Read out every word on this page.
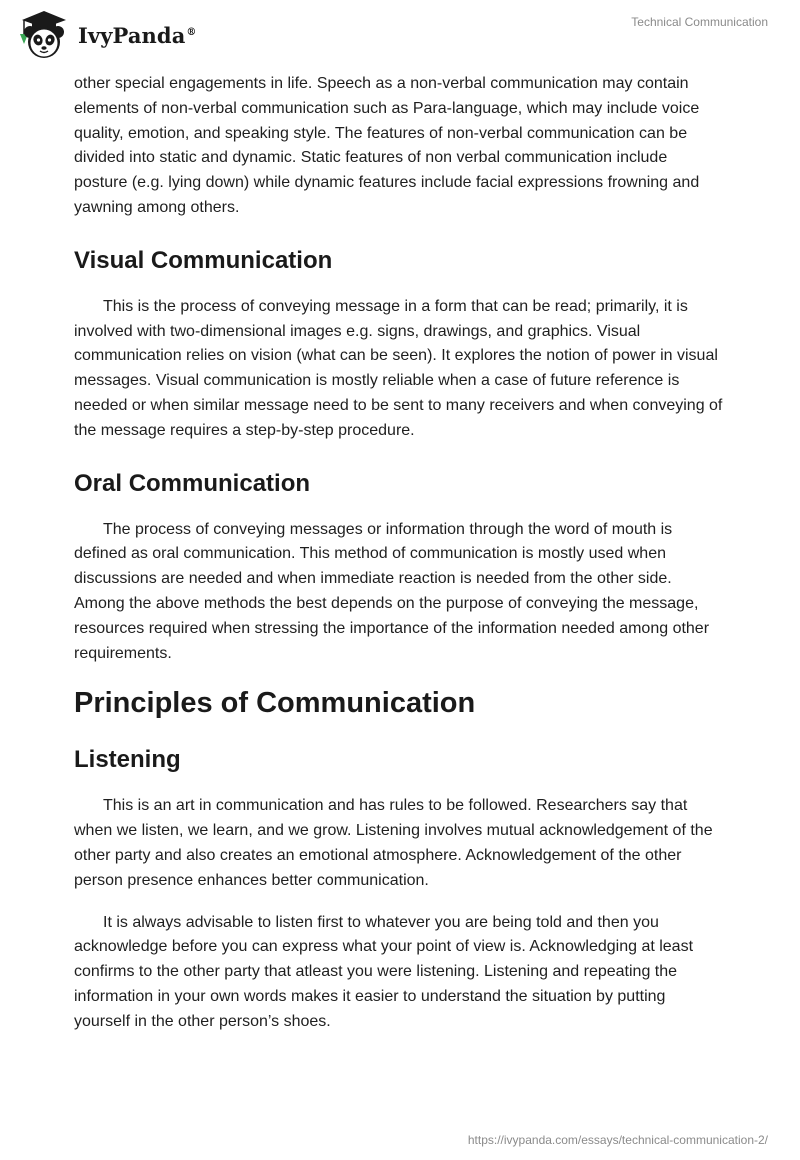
IvyPanda®
Technical Communication

other special engagements in life. Speech as a non-verbal communication may contain elements of non-verbal communication such as Para-language, which may include voice quality, emotion, and speaking style. The features of non-verbal communication can be divided into static and dynamic. Static features of non verbal communication include posture (e.g. lying down) while dynamic features include facial expressions frowning and yawning among others.

Visual Communication

This is the process of conveying message in a form that can be read; primarily, it is involved with two-dimensional images e.g. signs, drawings, and graphics. Visual communication relies on vision (what can be seen). It explores the notion of power in visual messages. Visual communication is mostly reliable when a case of future reference is needed or when similar message need to be sent to many receivers and when conveying of the message requires a step-by-step procedure.

Oral Communication

The process of conveying messages or information through the word of mouth is defined as oral communication. This method of communication is mostly used when discussions are needed and when immediate reaction is needed from the other side. Among the above methods the best depends on the purpose of conveying the message, resources required when stressing the importance of the information needed among other requirements.

Principles of Communication
Listening

This is an art in communication and has rules to be followed. Researchers say that when we listen, we learn, and we grow. Listening involves mutual acknowledgement of the other party and also creates an emotional atmosphere. Acknowledgement of the other person presence enhances better communication.

It is always advisable to listen first to whatever you are being told and then you acknowledge before you can express what your point of view is. Acknowledging at least confirms to the other party that atleast you were listening. Listening and repeating the information in your own words makes it easier to understand the situation by putting yourself in the other person’s shoes.

https://ivypanda.com/essays/technical-communication-2/
